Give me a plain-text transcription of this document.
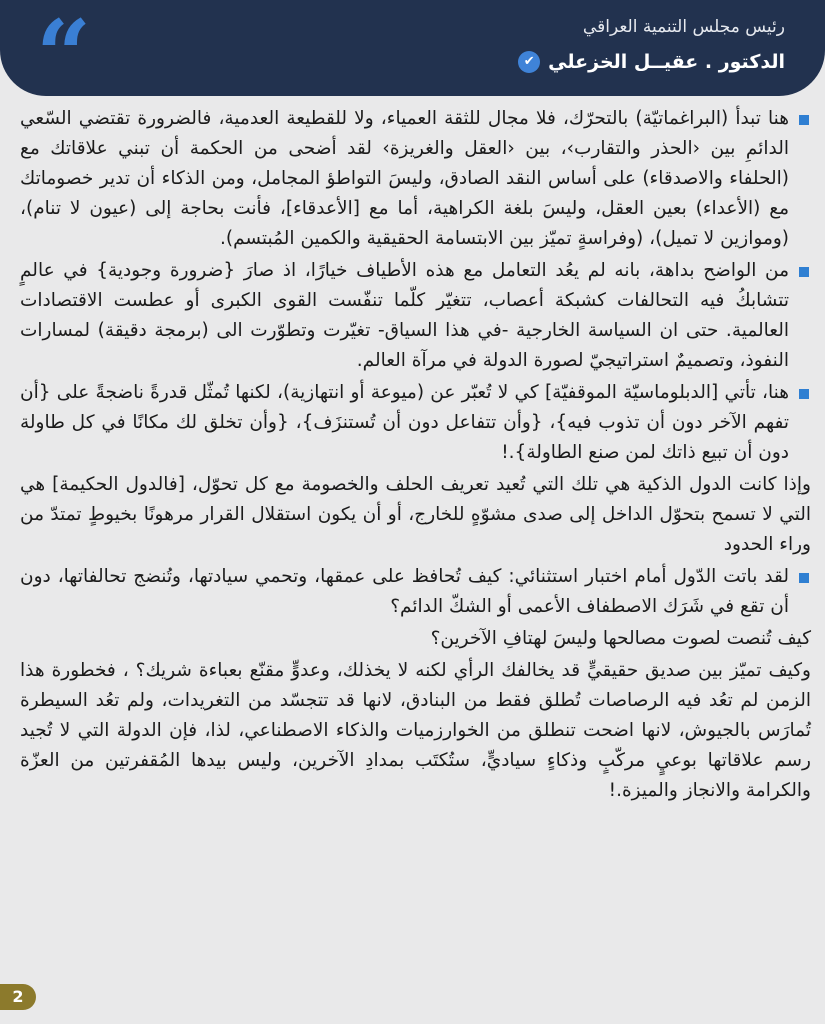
رئيس مجلس التنمية العراقي
الدكتور . عقيــل الخزعلي
✔
“

هنا تبدأ (البراغماتيّة) بالتحرّك، فلا مجال للثقة العمياء، ولا للقطيعة العدمية، فالضرورة تقتضي السّعي الدائمِ بين ‹الحذر والتقارب›، بين ‹العقل والغريزة› لقد أضحى من الحكمة أن تبني علاقاتك مع (الحلفاء والاصدقاء) على أساس النقد الصادق، وليسَ التواطؤ المجامل، ومن الذكاء أن تدير خصوماتك مع (الأعداء) بعين العقل، وليسَ بلغة الكراهية، أما مع [الأعدقاء]، فأنت بحاجة إلى (عيون لا تنام)، (وموازين لا تميل)، (وفراسةٍ تميّز بين الابتسامة الحقيقية والكمين المُبتسم).

من الواضح بداهة، بانه لم يعُد التعامل مع هذه الأطياف خيارًا، اذ صارَ {ضرورة وجودية} في عالمٍ تتشابكُ فيه التحالفات كشبكة أعصاب، تتغيّر كلّما تنفّست القوى الكبرى أو عطست الاقتصادات العالمية. حتى ان السياسة الخارجية -في هذا السياق- تغيّرت وتطوّرت الى (برمجة دقيقة) لمسارات النفوذ، وتصميمٌ استراتيجيّ لصورة الدولة في مرآة العالم.

هنا، تأتي [الدبلوماسيّة الموقفيّة] كي لا تُعبّر عن (ميوعة أو انتهازية)، لكنها تُمثّل قدرةً ناضجةً على {أن تفهم الآخر دون أن تذوب فيه}، {وأن تتفاعل دون أن تُستنزَف}، {وأن تخلق لك مكانًا في كل طاولة دون أن تبيع ذاتك لمن صنع الطاولة}.!

وإذا كانت الدول الذكية هي تلك التي تُعيد تعريف الحلف والخصومة مع كل تحوّل، [فالدول الحكيمة] هي التي لا تسمح بتحوّل الداخل إلى صدى مشوّهٍ للخارج، أو أن يكون استقلال القرار مرهونًا بخيوطٍ تمتدّ من وراء الحدود

لقد باتت الدّول أمام اختبار استثنائي: كيف تُحافظ على عمقها، وتحمي سيادتها، وتُنضج تحالفاتها، دون أن تقع في شَرَك الاصطفاف الأعمى أو الشكّ الدائم؟

كيف تُنصت لصوت مصالحها وليسَ لهتافِ الآخرين؟

وكيف تميّز بين صديق حقيقيٍّ قد يخالفك الرأي لكنه لا يخذلك، وعدوٍّ مقنّع بعباءة شريك؟ ، فخطورة هذا الزمن لم تعُد فيه الرصاصات تُطلق فقط من البنادق، لانها قد تتجسّد من التغريدات، ولم تعُد السيطرة تُمارَس بالجيوش، لانها اضحت تنطلق من الخوارزميات والذكاء الاصطناعي، لذا، فإن الدولة التي لا تُجيد رسم علاقاتها بوعيٍ مركّبٍ وذكاءٍ سياديٍّ، ستُكتَب بمدادِ الآخرين، وليس بيدها المُقفرتين من العزّة والكرامة والانجاز والميزة.!

2
